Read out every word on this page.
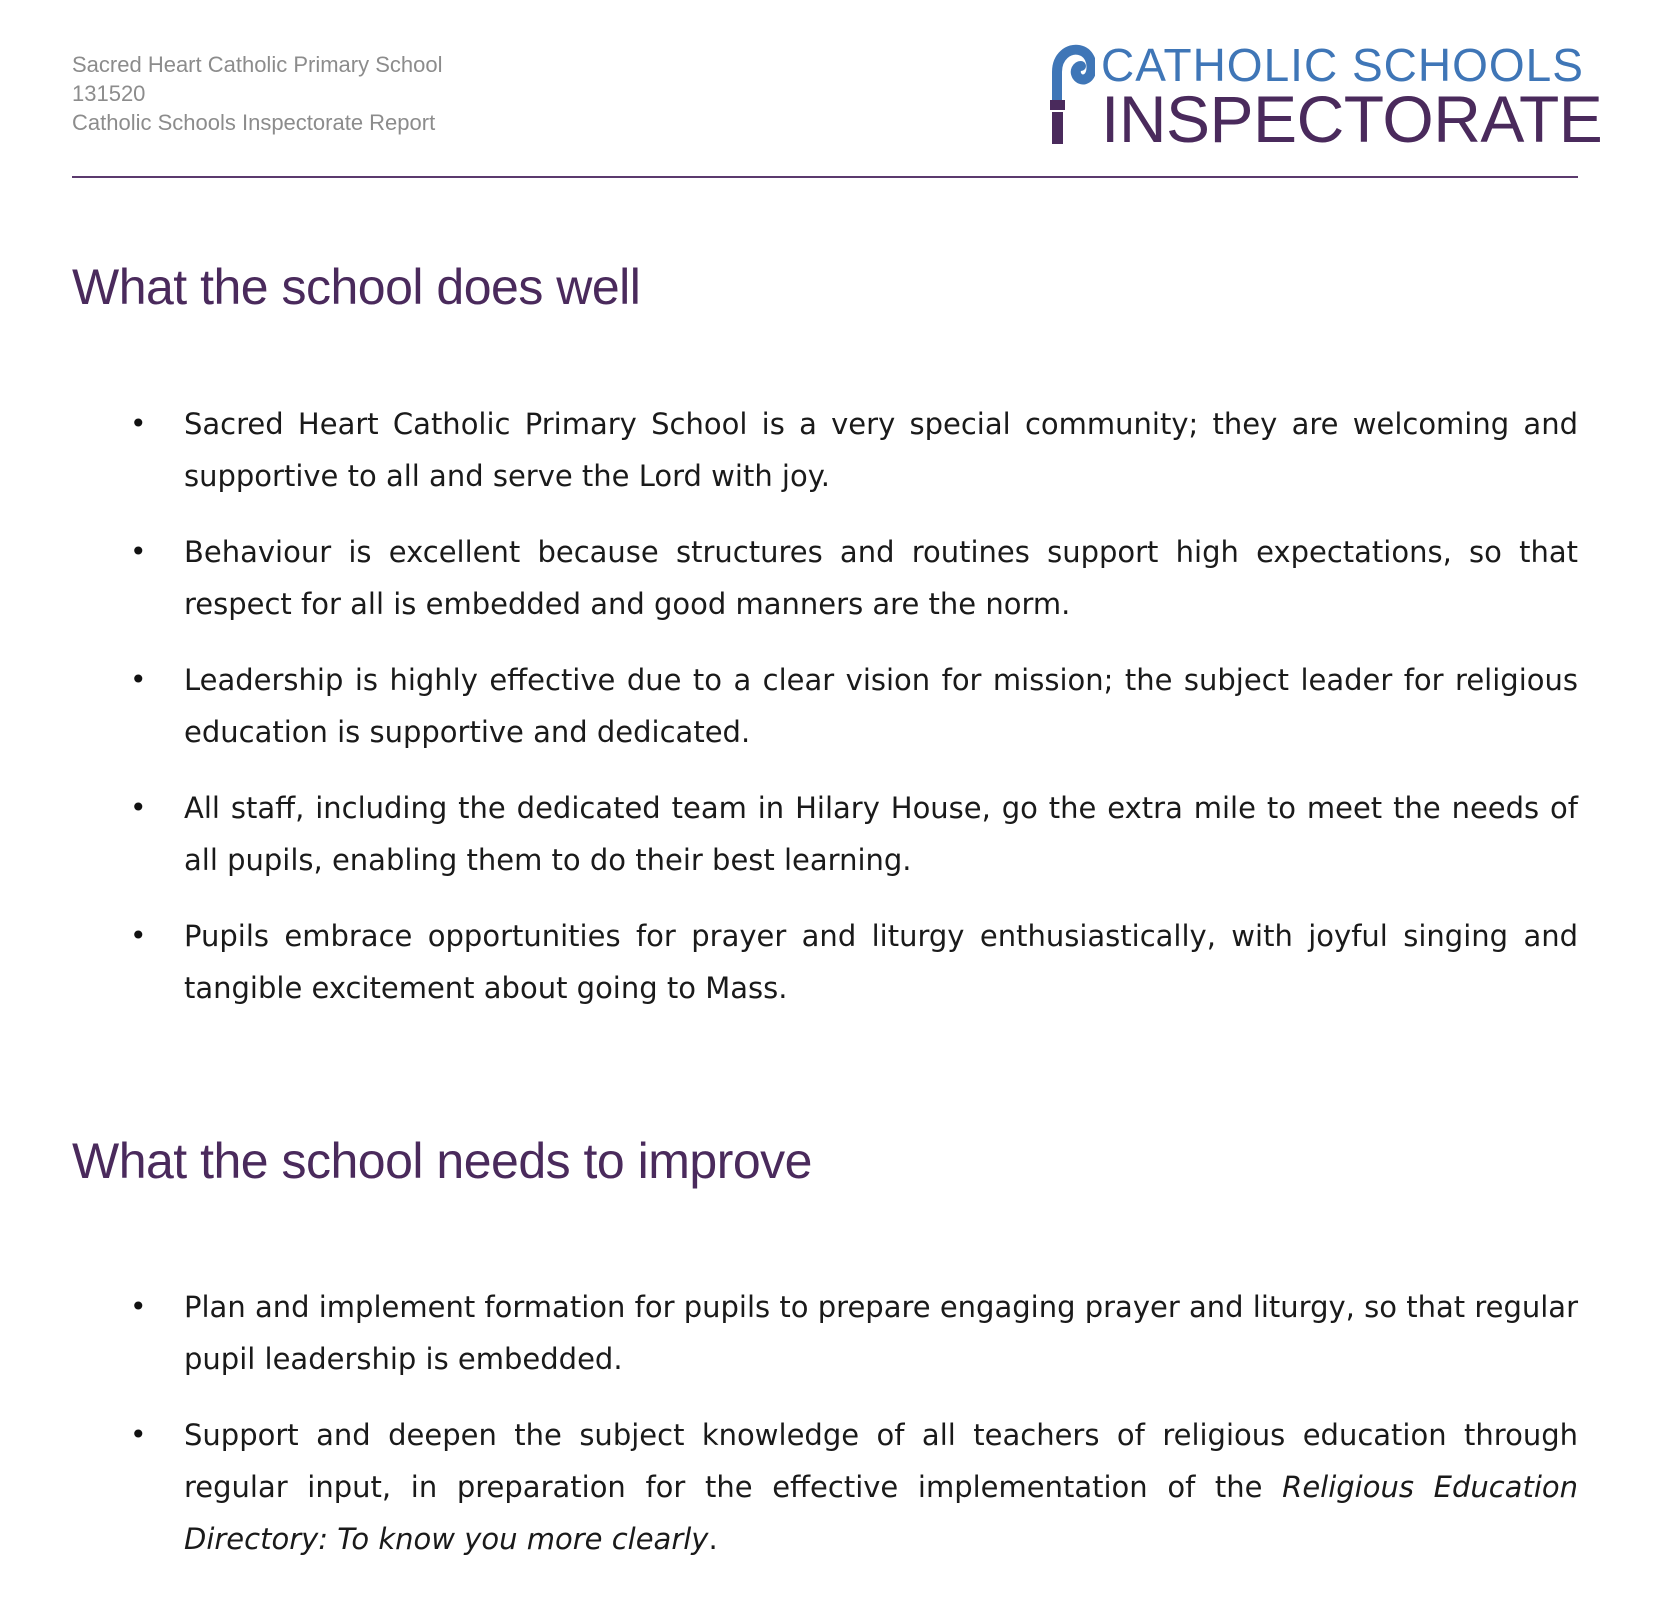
Sacred Heart Catholic Primary School
131520
Catholic Schools Inspectorate Report
CATHOLIC SCHOOLS
INSPECTORATE
What the school does well
• Sacred Heart Catholic Primary School is a very special community; they are welcoming and supportive to all and serve the Lord with joy.
• Behaviour is excellent because structures and routines support high expectations, so that respect for all is embedded and good manners are the norm.
• Leadership is highly effective due to a clear vision for mission; the subject leader for religious education is supportive and dedicated.
• All staff, including the dedicated team in Hilary House, go the extra mile to meet the needs of all pupils, enabling them to do their best learning.
• Pupils embrace opportunities for prayer and liturgy enthusiastically, with joyful singing and tangible excitement about going to Mass.
What the school needs to improve
• Plan and implement formation for pupils to prepare engaging prayer and liturgy, so that regular pupil leadership is embedded.
• Support and deepen the subject knowledge of all teachers of religious education through regular input, in preparation for the effective implementation of the Religious Education Directory: To know you more clearly.
